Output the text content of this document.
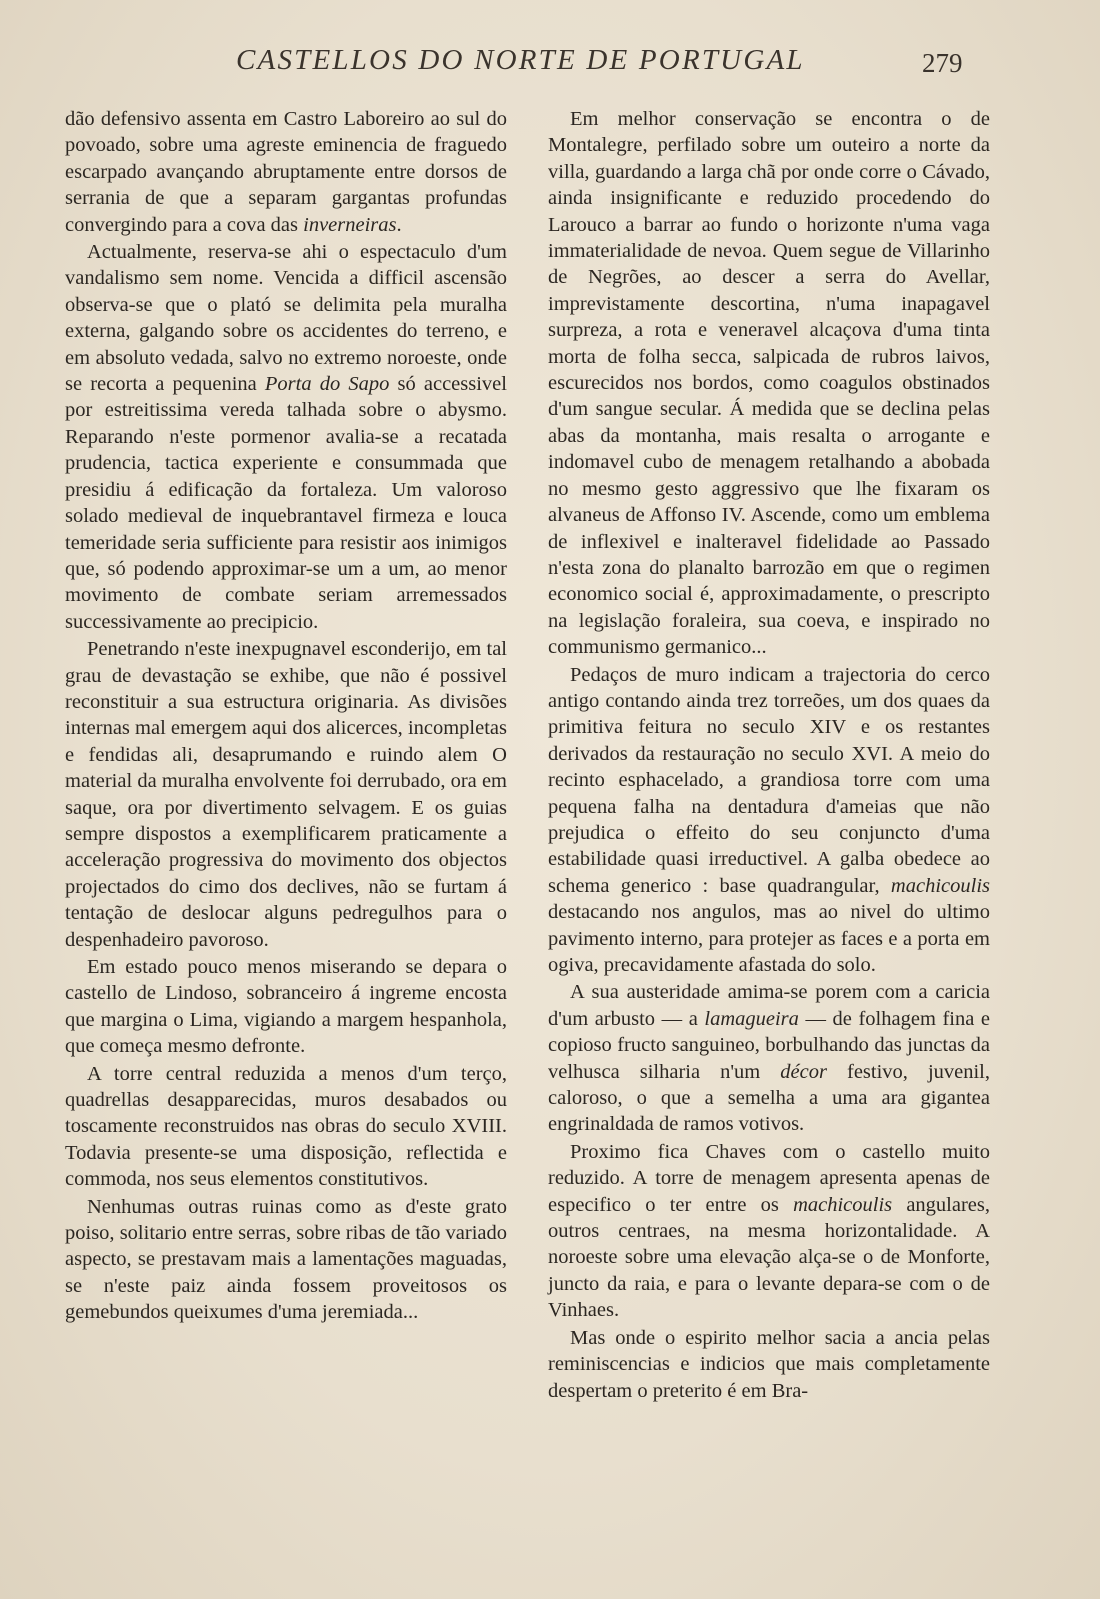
CASTELLOS DO NORTE DE PORTUGAL	279

dão defensivo assenta em Castro Laboreiro ao sul do povoado, sobre uma agreste eminencia de fraguedo escarpado avançando abruptamente entre dorsos de serrania de que a separam gargantas profundas convergindo para a cova das inverneiras.

Actualmente, reserva-se ahi o espectaculo d'um vandalismo sem nome. Vencida a difficil ascensão observa-se que o plató se delimita pela muralha externa, galgando sobre os accidentes do terreno, e em absoluto vedada, salvo no extremo noroeste, onde se recorta a pequenina Porta do Sapo só accessivel por estreitissima vereda talhada sobre o abysmo. Reparando n'este pormenor avalia-se a recatada prudencia, tactica experiente e consummada que presidiu á edificação da fortaleza. Um valoroso solado medieval de inquebrantavel firmeza e louca temeridade seria sufficiente para resistir aos inimigos que, só podendo approximar-se um a um, ao menor movimento de combate seriam arremessados successivamente ao precipicio.

Penetrando n'este inexpugnavel esconderijo, em tal grau de devastação se exhibe, que não é possivel reconstituir a sua estructura originaria. As divisões internas mal emergem aqui dos alicerces, incompletas e fendidas ali, desaprumando e ruindo alem O material da muralha envolvente foi derrubado, ora em saque, ora por divertimento selvagem. E os guias sempre dispostos a exemplificarem praticamente a acceleração progressiva do movimento dos objectos projectados do cimo dos declives, não se furtam á tentação de deslocar alguns pedregulhos para o despenhadeiro pavoroso.

Em estado pouco menos miserando se depara o castello de Lindoso, sobranceiro á ingreme encosta que margina o Lima, vigiando a margem hespanhola, que começa mesmo defronte.

A torre central reduzida a menos d'um terço, quadrellas desapparecidas, muros desabados ou toscamente reconstruidos nas obras do seculo XVIII. Todavia presente-se uma disposição, reflectida e commoda, nos seus elementos constitutivos.

Nenhumas outras ruinas como as d'este grato poiso, solitario entre serras, sobre ribas de tão variado aspecto, se prestavam mais a lamentações maguadas, se n'este paiz ainda fossem proveitosos os gemebundos queixumes d'uma jeremiada...

Em melhor conservação se encontra o de Montalegre, perfilado sobre um outeiro a norte da villa, guardando a larga chã por onde corre o Cávado, ainda insignificante e reduzido procedendo do Larouco a barrar ao fundo o horizonte n'uma vaga immaterialidade de nevoa. Quem segue de Villarinho de Negrões, ao descer a serra do Avellar, imprevistamente descortina, n'uma inapagavel surpreza, a rota e veneravel alcaçova d'uma tinta morta de folha secca, salpicada de rubros laivos, escurecidos nos bordos, como coagulos obstinados d'um sangue secular. Á medida que se declina pelas abas da montanha, mais resalta o arrogante e indomavel cubo de menagem retalhando a abobada no mesmo gesto aggressivo que lhe fixaram os alvaneus de Affonso IV. Ascende, como um emblema de inflexivel e inalteravel fidelidade ao Passado n'esta zona do planalto barrozão em que o regimen economico social é, approximadamente, o prescripto na legislação foraleira, sua coeva, e inspirado no communismo germanico...

Pedaços de muro indicam a trajectoria do cerco antigo contando ainda trez torreões, um dos quaes da primitiva feitura no seculo XIV e os restantes derivados da restauração no seculo XVI. A meio do recinto esphacelado, a grandiosa torre com uma pequena falha na dentadura d'ameias que não prejudica o effeito do seu conjuncto d'uma estabilidade quasi irreductivel. A galba obedece ao schema generico : base quadrangular, machicoulis destacando nos angulos, mas ao nivel do ultimo pavimento interno, para protejer as faces e a porta em ogiva, precavidamente afastada do solo.

A sua austeridade amima-se porem com a caricia d'um arbusto — a lamagueira — de folhagem fina e copioso fructo sanguineo, borbulhando das junctas da velhusca silharia n'um décor festivo, juvenil, caloroso, o que a semelha a uma ara gigantea engrinaldada de ramos votivos.

Proximo fica Chaves com o castello muito reduzido. A torre de menagem apresenta apenas de especifico o ter entre os machicoulis angulares, outros centraes, na mesma horizontalidade. A noroeste sobre uma elevação alça-se o de Monforte, juncto da raia, e para o levante depara-se com o de Vinhaes.

Mas onde o espirito melhor sacia a ancia pelas reminiscencias e indicios que mais completamente despertam o preterito é em Bra-
